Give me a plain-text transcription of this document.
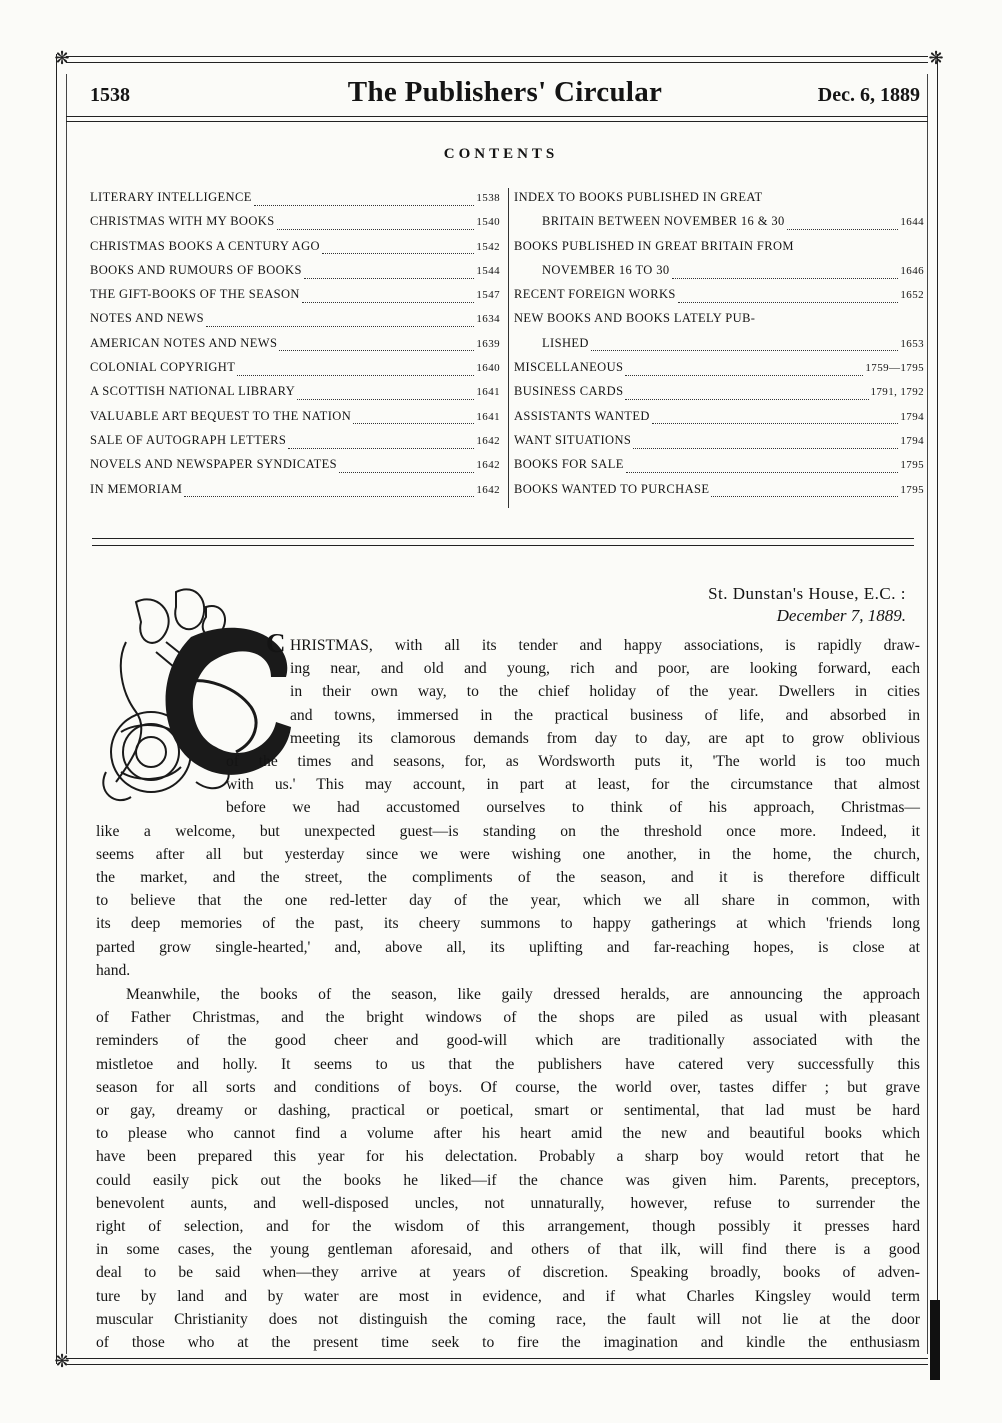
❋	❋
❋
1538	The Publishers' Circular	Dec. 6, 1889
CONTENTS
LITERARY INTELLIGENCE	1538
CHRISTMAS WITH MY BOOKS	1540
CHRISTMAS BOOKS A CENTURY AGO	1542
BOOKS AND RUMOURS OF BOOKS	1544
THE GIFT-BOOKS OF THE SEASON	1547
NOTES AND NEWS	1634
AMERICAN NOTES AND NEWS	1639
COLONIAL COPYRIGHT	1640
A SCOTTISH NATIONAL LIBRARY	1641
VALUABLE ART BEQUEST TO THE NATION	1641
SALE OF AUTOGRAPH LETTERS	1642
NOVELS AND NEWSPAPER SYNDICATES	1642
IN MEMORIAM	1642
INDEX TO BOOKS PUBLISHED IN GREAT
BRITAIN BETWEEN NOVEMBER 16 & 30	1644
BOOKS PUBLISHED IN GREAT BRITAIN FROM
NOVEMBER 16 TO 30	1646
RECENT FOREIGN WORKS	1652
NEW BOOKS AND BOOKS LATELY PUB-
LISHED	1653
MISCELLANEOUS	1759—1795
BUSINESS CARDS	1791, 1792
ASSISTANTS WANTED	1794
WANT SITUATIONS	1794
BOOKS FOR SALE	1795
BOOKS WANTED TO PURCHASE	1795
St. Dunstan's House, E.C. :
December 7, 1889.
HRISTMAS, with all its tender and happy associations, is rapidly draw-
ing near, and old and young, rich and poor, are looking forward, each
in their own way, to the chief holiday of the year. Dwellers in cities
and towns, immersed in the practical business of life, and absorbed in
meeting its clamorous demands from day to day, are apt to grow oblivious
of the times and seasons, for, as Wordsworth puts it, 'The world is too much
with us.' This may account, in part at least, for the circumstance that almost
before we had accustomed ourselves to think of his approach, Christmas—
like a welcome, but unexpected guest—is standing on the threshold once more. Indeed, it
seems after all but yesterday since we were wishing one another, in the home, the church,
the market, and the street, the compliments of the season, and it is therefore difficult
to believe that the one red-letter day of the year, which we all share in common, with
its deep memories of the past, its cheery summons to happy gatherings at which 'friends long
parted grow single-hearted,' and, above all, its uplifting and far-reaching hopes, is close at
hand.
C
Meanwhile, the books of the season, like gaily dressed heralds, are announcing the approach
of Father Christmas, and the bright windows of the shops are piled as usual with pleasant
reminders of the good cheer and good-will which are traditionally associated with the
mistletoe and holly. It seems to us that the publishers have catered very successfully this
season for all sorts and conditions of boys. Of course, the world over, tastes differ ; but grave
or gay, dreamy or dashing, practical or poetical, smart or sentimental, that lad must be hard
to please who cannot find a volume after his heart amid the new and beautiful books which
have been prepared this year for his delectation. Probably a sharp boy would retort that he
could easily pick out the books he liked—if the chance was given him. Parents, preceptors,
benevolent aunts, and well-disposed uncles, not unnaturally, however, refuse to surrender the
right of selection, and for the wisdom of this arrangement, though possibly it presses hard
in some cases, the young gentleman aforesaid, and others of that ilk, will find there is a good
deal to be said when—they arrive at years of discretion. Speaking broadly, books of adven-
ture by land and by water are most in evidence, and if what Charles Kingsley would term
muscular Christianity does not distinguish the coming race, the fault will not lie at the door
of those who at the present time seek to fire the imagination and kindle the enthusiasm
